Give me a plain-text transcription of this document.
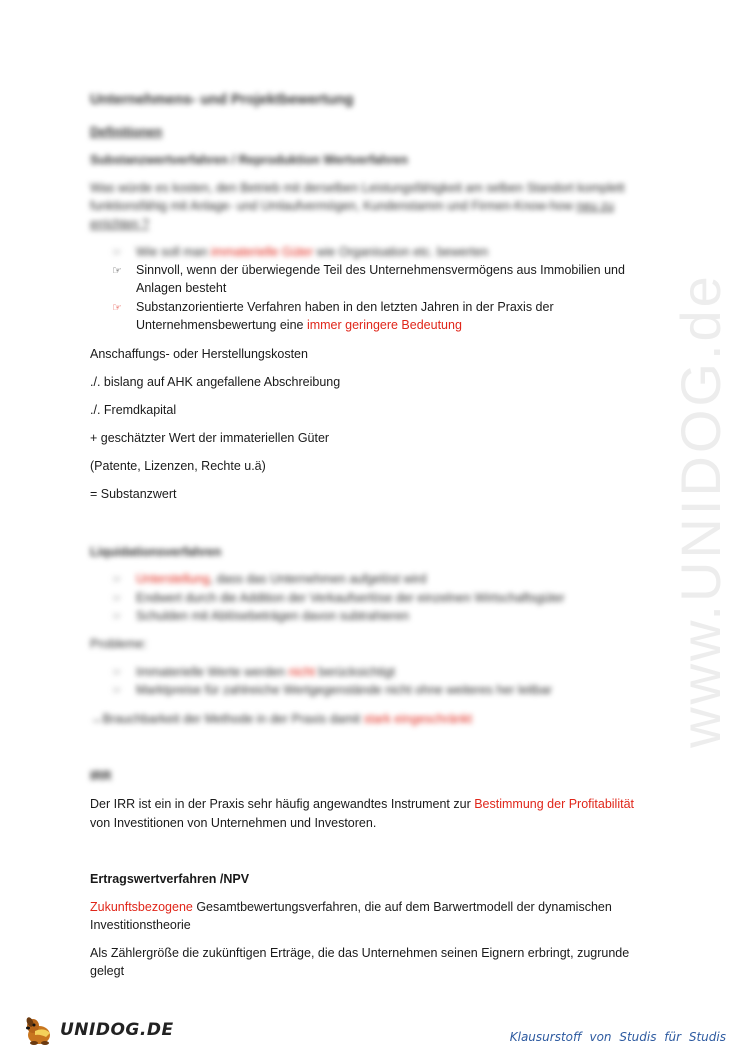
www.UNIDOG.de
Unternehmens- und Projektbewertung
Definitionen
Substanzwertverfahren / Reproduktion Wertverfahren
Was würde es kosten, den Betrieb mit derselben Leistungsfähigkeit am selben Standort komplett
funktionsfähig mit Anlage- und Umlaufvermögen, Kundenstamm und Firmen-Know-how neu zu
errichten ?
☞ Wie soll man immaterielle Güter wie Organisation etc. bewerten
☞ Sinnvoll, wenn der überwiegende Teil des Unternehmensvermögens aus Immobilien und
Anlagen besteht
☞ Substanzorientierte Verfahren haben in den letzten Jahren in der Praxis der
Unternehmensbewertung eine immer geringere Bedeutung
Anschaffungs- oder Herstellungskosten
./. bislang auf AHK angefallene Abschreibung
./. Fremdkapital
+ geschätzter Wert der immateriellen Güter
(Patente, Lizenzen, Rechte u.ä)
= Substanzwert
Liquidationsverfahren
☞ Unterstellung, dass das Unternehmen aufgelöst wird
☞ Endwert durch die Addition der Verkaufserlöse der einzelnen Wirtschaftsgüter
☞ Schulden mit Ablösebeträgen davon subtrahieren
Probleme:
☞ Immaterielle Werte werden nicht berücksichtigt
☞ Marktpreise für zahlreiche Wertgegenstände nicht ohne weiteres her leitbar
→Brauchbarkeit der Methode in der Praxis damit stark eingeschränkt
IRR
Der IRR ist ein in der Praxis sehr häufig angewandtes Instrument zur Bestimmung der Profitabilität
von Investitionen von Unternehmen und Investoren.
Ertragswertverfahren /NPV
Zukunftsbezogene Gesamtbewertungsverfahren, die auf dem Barwertmodell der dynamischen
Investitionstheorie
Als Zählergröße die zukünftigen Erträge, die das Unternehmen seinen Eignern erbringt, zugrunde
gelegt
UNIDOG.DE	Klausurstoff von Studis für Studis
